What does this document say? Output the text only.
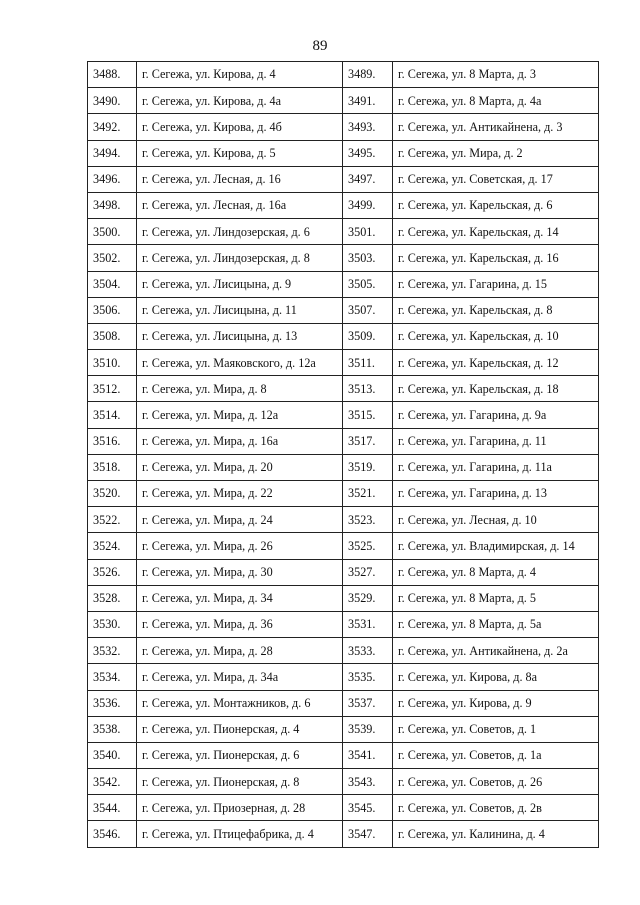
89
3488.	г. Сегежа, ул. Кирова, д. 4	3489.	г. Сегежа, ул. 8 Марта, д. 3
3490.	г. Сегежа, ул. Кирова, д. 4а	3491.	г. Сегежа, ул. 8 Марта, д. 4а
3492.	г. Сегежа, ул. Кирова, д. 4б	3493.	г. Сегежа, ул. Антикайнена, д. 3
3494.	г. Сегежа, ул. Кирова, д. 5	3495.	г. Сегежа, ул. Мира, д. 2
3496.	г. Сегежа, ул. Лесная, д. 16	3497.	г. Сегежа, ул. Советская, д. 17
3498.	г. Сегежа, ул. Лесная, д. 16а	3499.	г. Сегежа, ул. Карельская, д. 6
3500.	г. Сегежа, ул. Линдозерская, д. 6	3501.	г. Сегежа, ул. Карельская, д. 14
3502.	г. Сегежа, ул. Линдозерская, д. 8	3503.	г. Сегежа, ул. Карельская, д. 16
3504.	г. Сегежа, ул. Лисицына, д. 9	3505.	г. Сегежа, ул. Гагарина, д. 15
3506.	г. Сегежа, ул. Лисицына, д. 11	3507.	г. Сегежа, ул. Карельская, д. 8
3508.	г. Сегежа, ул. Лисицына, д. 13	3509.	г. Сегежа, ул. Карельская, д. 10
3510.	г. Сегежа, ул. Маяковского, д. 12а	3511.	г. Сегежа, ул. Карельская, д. 12
3512.	г. Сегежа, ул. Мира, д. 8	3513.	г. Сегежа, ул. Карельская, д. 18
3514.	г. Сегежа, ул. Мира, д. 12а	3515.	г. Сегежа, ул. Гагарина, д. 9а
3516.	г. Сегежа, ул. Мира, д. 16а	3517.	г. Сегежа, ул. Гагарина, д. 11
3518.	г. Сегежа, ул. Мира, д. 20	3519.	г. Сегежа, ул. Гагарина, д. 11а
3520.	г. Сегежа, ул. Мира, д. 22	3521.	г. Сегежа, ул. Гагарина, д. 13
3522.	г. Сегежа, ул. Мира, д. 24	3523.	г. Сегежа, ул. Лесная, д. 10
3524.	г. Сегежа, ул. Мира, д. 26	3525.	г. Сегежа, ул. Владимирская, д. 14
3526.	г. Сегежа, ул. Мира, д. 30	3527.	г. Сегежа, ул. 8 Марта, д. 4
3528.	г. Сегежа, ул. Мира, д. 34	3529.	г. Сегежа, ул. 8 Марта, д. 5
3530.	г. Сегежа, ул. Мира, д. 36	3531.	г. Сегежа, ул. 8 Марта, д. 5а
3532.	г. Сегежа, ул. Мира, д. 28	3533.	г. Сегежа, ул. Антикайнена, д. 2а
3534.	г. Сегежа, ул. Мира, д. 34а	3535.	г. Сегежа, ул. Кирова, д. 8а
3536.	г. Сегежа, ул. Монтажников, д. 6	3537.	г. Сегежа, ул. Кирова, д. 9
3538.	г. Сегежа, ул. Пионерская, д. 4	3539.	г. Сегежа, ул. Советов, д. 1
3540.	г. Сегежа, ул. Пионерская, д. 6	3541.	г. Сегежа, ул. Советов, д. 1а
3542.	г. Сегежа, ул. Пионерская, д. 8	3543.	г. Сегежа, ул. Советов, д. 26
3544.	г. Сегежа, ул. Приозерная, д. 28	3545.	г. Сегежа, ул. Советов, д. 2в
3546.	г. Сегежа, ул. Птицефабрика, д. 4	3547.	г. Сегежа, ул. Калинина, д. 4
